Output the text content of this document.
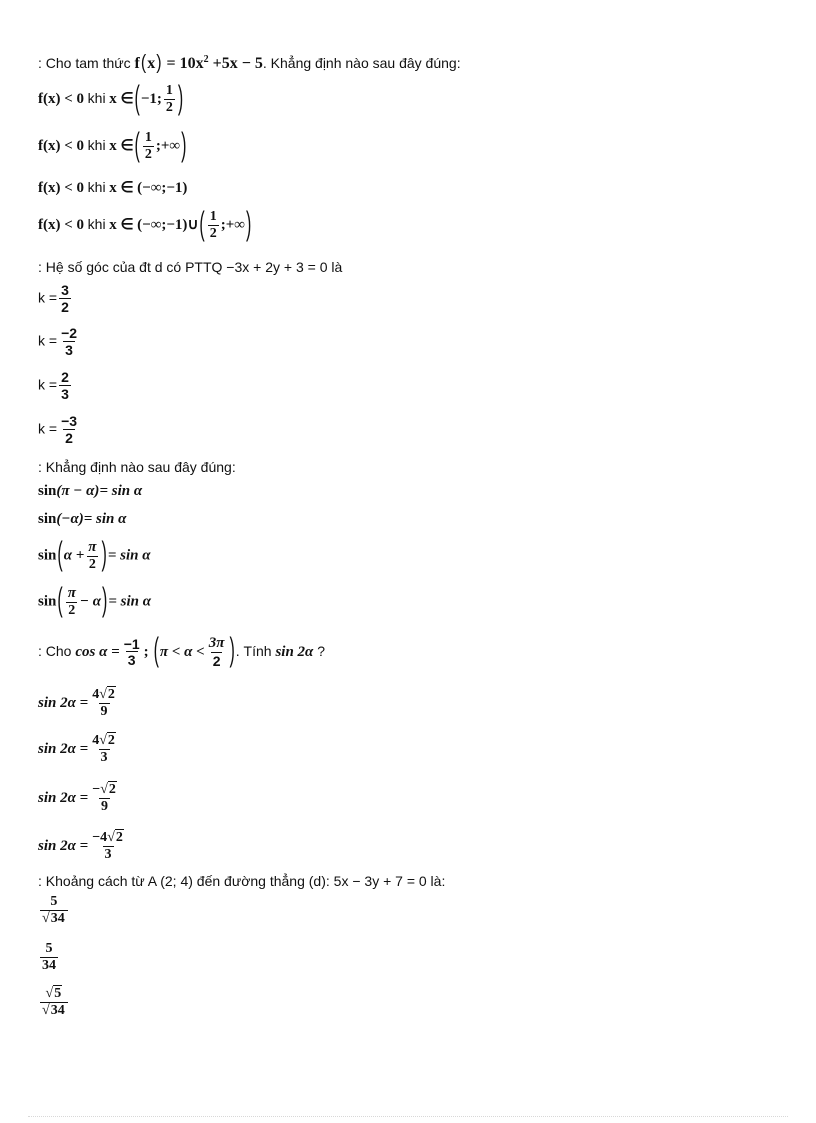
: Cho tam thức $f(x) = 10x^2 +5x - 5$. Khẳng định nào sau đây đúng:
f(x) < 0 khi x ∈(−1; $\frac{1}{2}$ )
f(x) < 0 khi x ∈( $\frac{1}{2}$ ;+∞)
f(x) < 0 khi x ∈ (−∞;−1)
f(x) < 0 khi x ∈ (−∞;−1)∪( $\frac{1}{2}$ ;+∞)
: Hệ số góc của đt d có PTTQ −3x + 2y + 3 = 0 là
$k = \frac{3}{2}$
$k = \frac{-2}{3}$
$k = \frac{2}{3}$
$k = \frac{-3}{2}$
: Khẳng định nào sau đây đúng:
sin(π − α)= sin α
sin(−α)= sin α
$\sin(\alpha + \frac{\pi}{2}$ )= sin α
$\sin( \frac{\pi}{2} - \alpha)= \sin \alpha$
: Cho $\cos \alpha = \frac{-1}{3}$ ; ($\pi < \alpha < \frac{3\pi}{2}$ ). Tính sin 2α ?
$\sin 2\alpha = \frac{4√2}{9}$
$\sin 2\alpha = \frac{4√2}{3}$
$\sin 2\alpha = \frac{-√2}{9}$
$\sin 2\alpha = \frac{-4√2}{3}$
: Khoảng cách từ A (2; 4) đến đường thẳng (d): 5x − 3y + 7 = 0 là:
$\frac{5}{√34}$
$\frac{5}{34}$
$\frac{√5}{√34}$
